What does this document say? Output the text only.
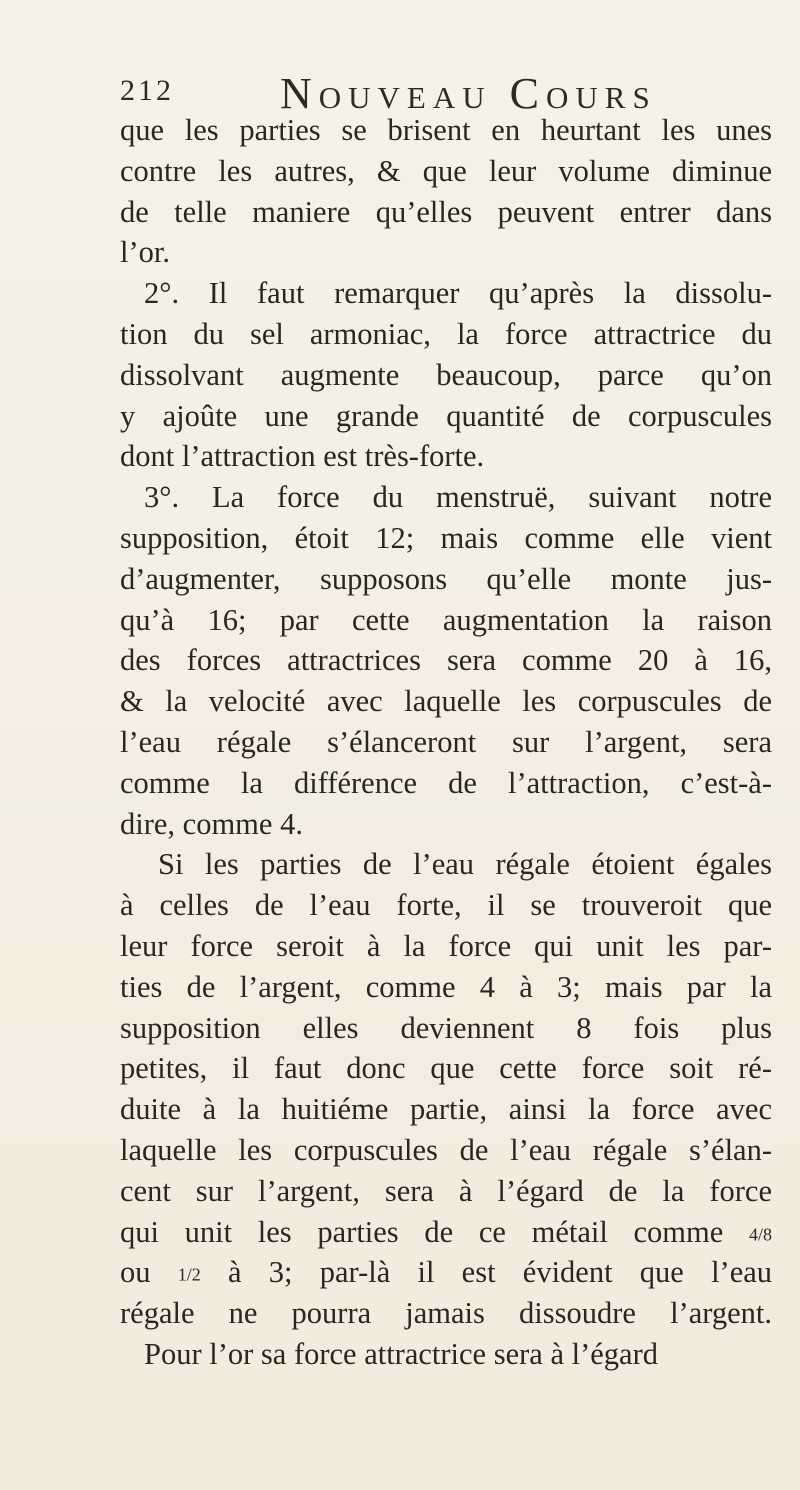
212 Nouveau Cours
que les parties se brisent en heurtant les unes
contre les autres, & que leur volume diminue
de telle maniere qu’elles peuvent entrer dans
l’or.
2°. Il faut remarquer qu’après la dissolu-
tion du sel armoniac, la force attractrice du
dissolvant augmente beaucoup, parce qu’on
y ajoûte une grande quantité de corpuscules
dont l’attraction est très-forte.
3°. La force du menstruë, suivant notre
supposition, étoit 12; mais comme elle vient
d’augmenter, supposons qu’elle monte jus-
qu’à 16; par cette augmentation la raison
des forces attractrices sera comme 20 à 16,
& la velocité avec laquelle les corpuscules de
l’eau régale s’élanceront sur l’argent, sera
comme la différence de l’attraction, c’est-à-
dire, comme 4.
Si les parties de l’eau régale étoient égales
à celles de l’eau forte, il se trouveroit que
leur force seroit à la force qui unit les par-
ties de l’argent, comme 4 à 3; mais par la
supposition elles deviennent 8 fois plus
petites, il faut donc que cette force soit ré-
duite à la huitiéme partie, ainsi la force avec
laquelle les corpuscules de l’eau régale s’élan-
cent sur l’argent, sera à l’égard de la force
qui unit les parties de ce métail comme 4/8
ou 1/2 à 3; par-là il est évident que l’eau
régale ne pourra jamais dissoudre l’argent.
Pour l’or sa force attractrice sera à l’égard
